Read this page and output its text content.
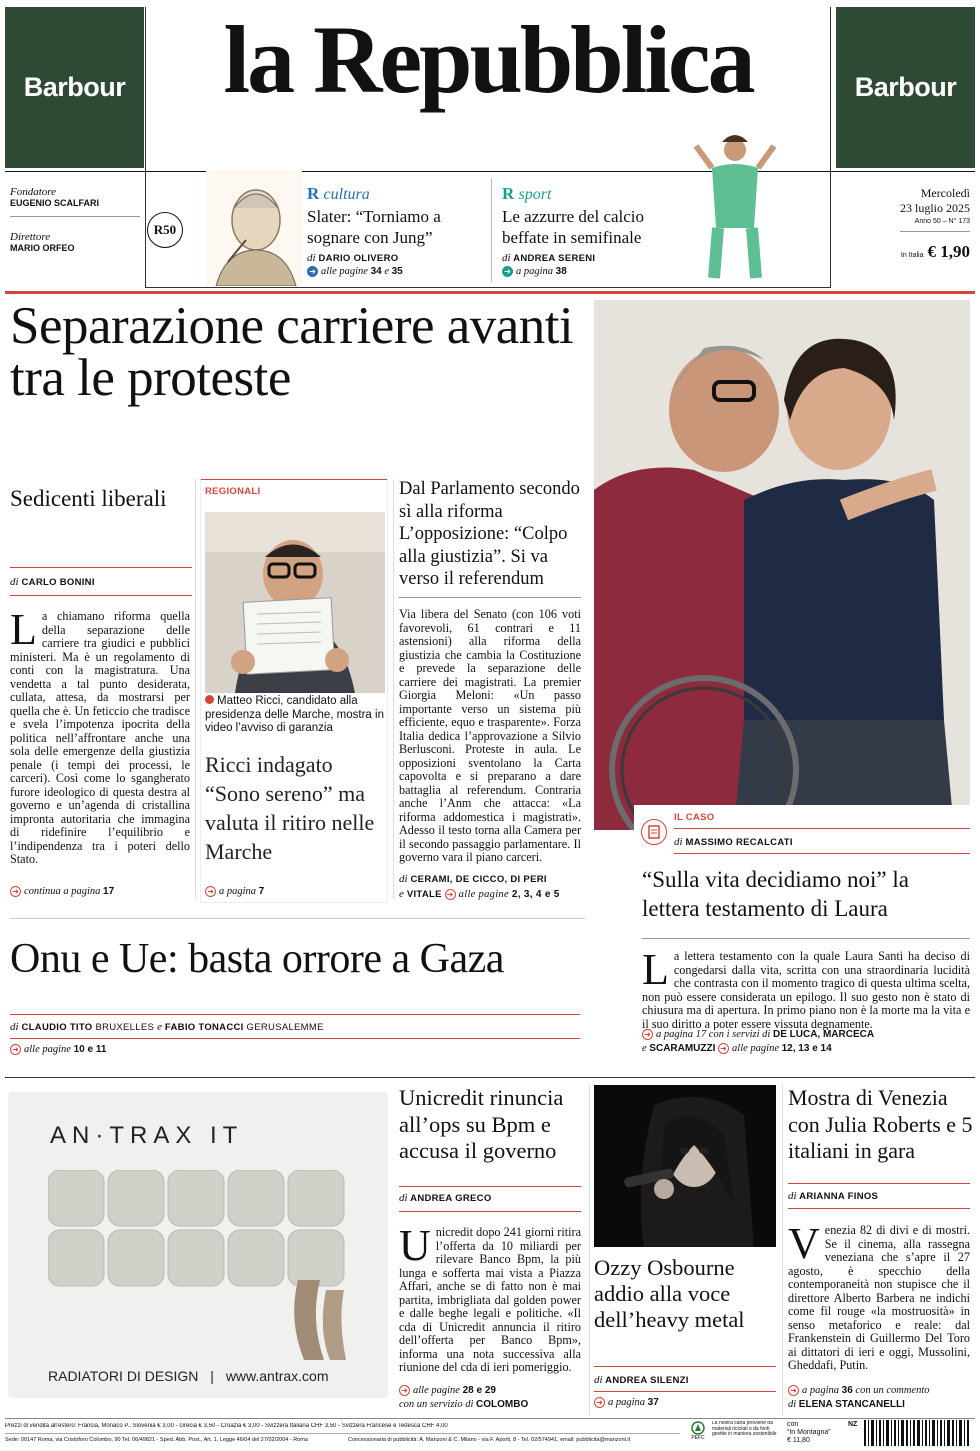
Barbour	Barbour
la Repubblica
Fondatore
EUGENIO SCALFARI
Direttore
MARIO ORFEO
R50
R cultura
Slater: “Torniamo a sognare con Jung”
di DARIO OLIVERO
➜ alle pagine 34 e 35
R sport
Le azzurre del calcio beffate in semifinale
di ANDREA SERENI
➜ a pagina 38
Mercoledì
23 luglio 2025
Anno 50 – N° 173
In Italia € 1,90
Separazione carriere avanti tra le proteste
Sedicenti liberali
di CARLO BONINI
La chiamano riforma quella della separazione delle carriere tra giudici e pubblici ministeri. Ma è un regolamento di conti con la magistratura. Una vendetta a tal punto desiderata, cullata, attesa, da mostrarsi per quella che è. Un feticcio che tradisce e svela l’impotenza ipocrita della politica nell’affrontare anche una sola delle emergenze della giustizia penale (i tempi dei processi, le carceri). Così come lo sgangherato furore ideologico di questa destra al governo e un’agenda di cristallina impronta autoritaria che immagina di ridefinire l’equilibrio e l’indipendenza tra i poteri dello Stato.
➜ continua a pagina 17
REGIONALI
Matteo Ricci, candidato alla presidenza delle Marche, mostra in video l’avviso di garanzia
Ricci indagato “Sono sereno” ma valuta il ritiro nelle Marche
➜ a pagina 7
Dal Parlamento secondo sì alla riforma L’opposizione: “Colpo alla giustizia”. Si va verso il referendum
Via libera del Senato (con 106 voti favorevoli, 61 contrari e 11 astensioni) alla riforma della giustizia che cambia la Costituzione e prevede la separazione delle carriere dei magistrati. La premier Giorgia Meloni: «Un passo importante verso un sistema più efficiente, equo e trasparente». Forza Italia dedica l’approvazione a Silvio Berlusconi. Proteste in aula. Le opposizioni sventolano la Carta capovolta e si preparano a dare battaglia al referendum. Contraria anche l’Anm che attacca: «La riforma addomestica i magistrati». Adesso il testo torna alla Camera per il secondo passaggio parlamentare. Il governo vara il piano carceri.
di CERAMI, DE CICCO, DI PERI
e VITALE ➜ alle pagine 2, 3, 4 e 5
Onu e Ue: basta orrore a Gaza
di CLAUDIO TITO BRUXELLES e FABIO TONACCI GERUSALEMME
➜ alle pagine 10 e 11
IL CASO
di MASSIMO RECALCATI
“Sulla vita decidiamo noi” la lettera testamento di Laura
La lettera testamento con la quale Laura Santi ha deciso di congedarsi dalla vita, scritta con una straordinaria lucidità che contrasta con il momento tragico di questa ultima scelta, non può essere considerata un epilogo. Il suo gesto non è stato di chiusura ma di apertura. In primo piano non è la morte ma la vita e il suo diritto a poter essere vissuta degnamente.
➜ a pagina 17 con i servizi di DE LUCA, MARCECA
e SCARAMUZZI ➜ alle pagine 12, 13 e 14
AN·TRAX IT
RADIATORI DI DESIGN | www.antrax.com
Unicredit rinuncia all’ops su Bpm e accusa il governo
di ANDREA GRECO
Unicredit dopo 241 giorni ritira l’offerta da 10 miliardi per rilevare Banco Bpm, la più lunga e sofferta mai vista a Piazza Affari, anche se di fatto non è mai partita, imbrigliata dal golden power e dalle beghe legali e politiche. «Il cda di Unicredit annuncia il ritiro dell’offerta per Banco Bpm», informa una nota successiva alla riunione del cda di ieri pomeriggio.
➜ alle pagine 28 e 29
con un servizio di COLOMBO
Ozzy Osbourne addio alla voce dell’heavy metal
di ANDREA SILENZI
➜ a pagina 37
Mostra di Venezia con Julia Roberts e 5 italiani in gara
di ARIANNA FINOS
Venezia 82 di divi e di mostri. Se il cinema, alla rassegna veneziana che s’apre il 27 agosto, è specchio della contemporaneità non stupisce che il direttore Alberto Barbera ne indichi come fil rouge «la mostruosità» in senso metaforico e reale: dal Frankenstein di Guillermo Del Toro ai dittatori di ieri e oggi, Mussolini, Gheddafi, Putin.
➜ a pagina 36 con un commento
di ELENA STANCANELLI
Prezzi di vendita all’estero: Francia, Monaco P., Slovenia € 3,00 - Grecia € 3,50 - Croazia € 3,00 - Svizzera Italiana CHF 3,50 - Svizzera Francese e Tedesca CHF 4,00
Sede: 00147 Roma, via Cristoforo Colombo, 90 Tel. 06/49821 - Sped. Abb. Post., Art. 1, Legge 46/04 del 27/02/2004 - Roma	Concessionaria di pubblicità: A. Manzoni & C. Milano - via F. Aporti, 8 - Tel. 02/574941, email: pubblicita@manzoni.it	PEFC
La nostra carta proviene da materiali riciclati o da fonti gestite in maniera sostenibile
con
“In Montagna”
€ 11,80
NZ
